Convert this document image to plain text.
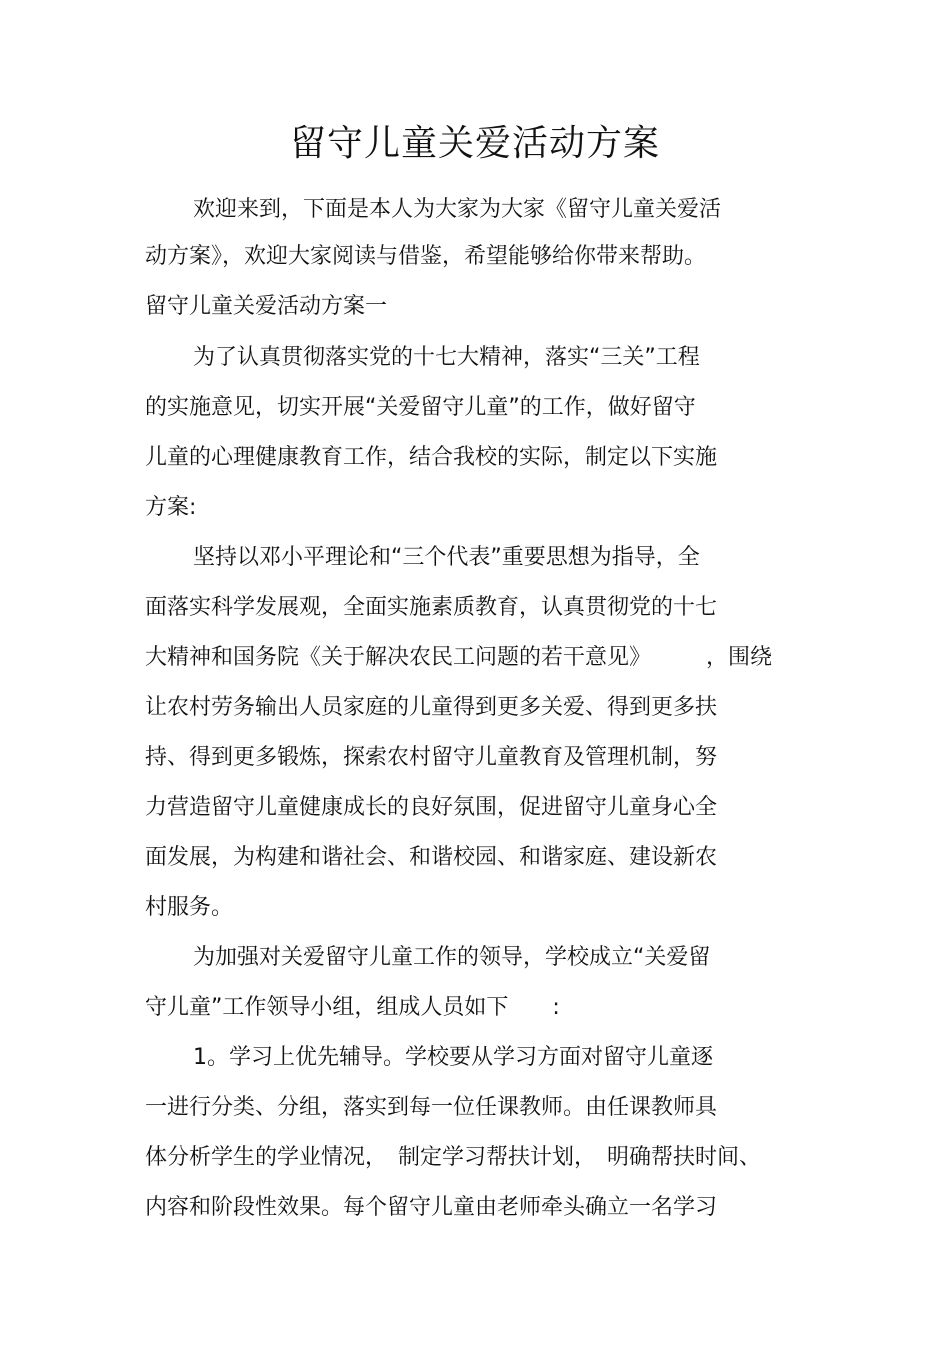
留守儿童关爱活动方案
欢迎来到，下面是本人为大家为大家《留守儿童关爱活
动方案》，欢迎大家阅读与借鉴，希望能够给你带来帮助。
留守儿童关爱活动方案一
为了认真贯彻落实党的十七大精神，落实“三关”工程
的实施意见，切实开展“关爱留守儿童”的工作，做好留守
儿童的心理健康教育工作，结合我校的实际，制定以下实施
方案:
坚持以邓小平理论和“三个代表”重要思想为指导，全
面落实科学发展观，全面实施素质教育，认真贯彻党的十七
大精神和国务院《关于解决农民工问题的若干意见》　　　，围绕
让农村劳务输出人员家庭的儿童得到更多关爱、得到更多扶
持、得到更多锻炼，探索农村留守儿童教育及管理机制，努
力营造留守儿童健康成长的良好氛围，促进留守儿童身心全
面发展，为构建和谐社会、和谐校园、和谐家庭、建设新农
村服务。
为加强对关爱留守儿童工作的领导，学校成立“关爱留
守儿童”工作领导小组，组成人员如下　　:
1。学习上优先辅导。学校要从学习方面对留守儿童逐
一进行分类、分组，落实到每一位任课教师。由任课教师具
体分析学生的学业情况，　制定学习帮扶计划，　明确帮扶时间、
内容和阶段性效果。每个留守儿童由老师牵头确立一名学习
